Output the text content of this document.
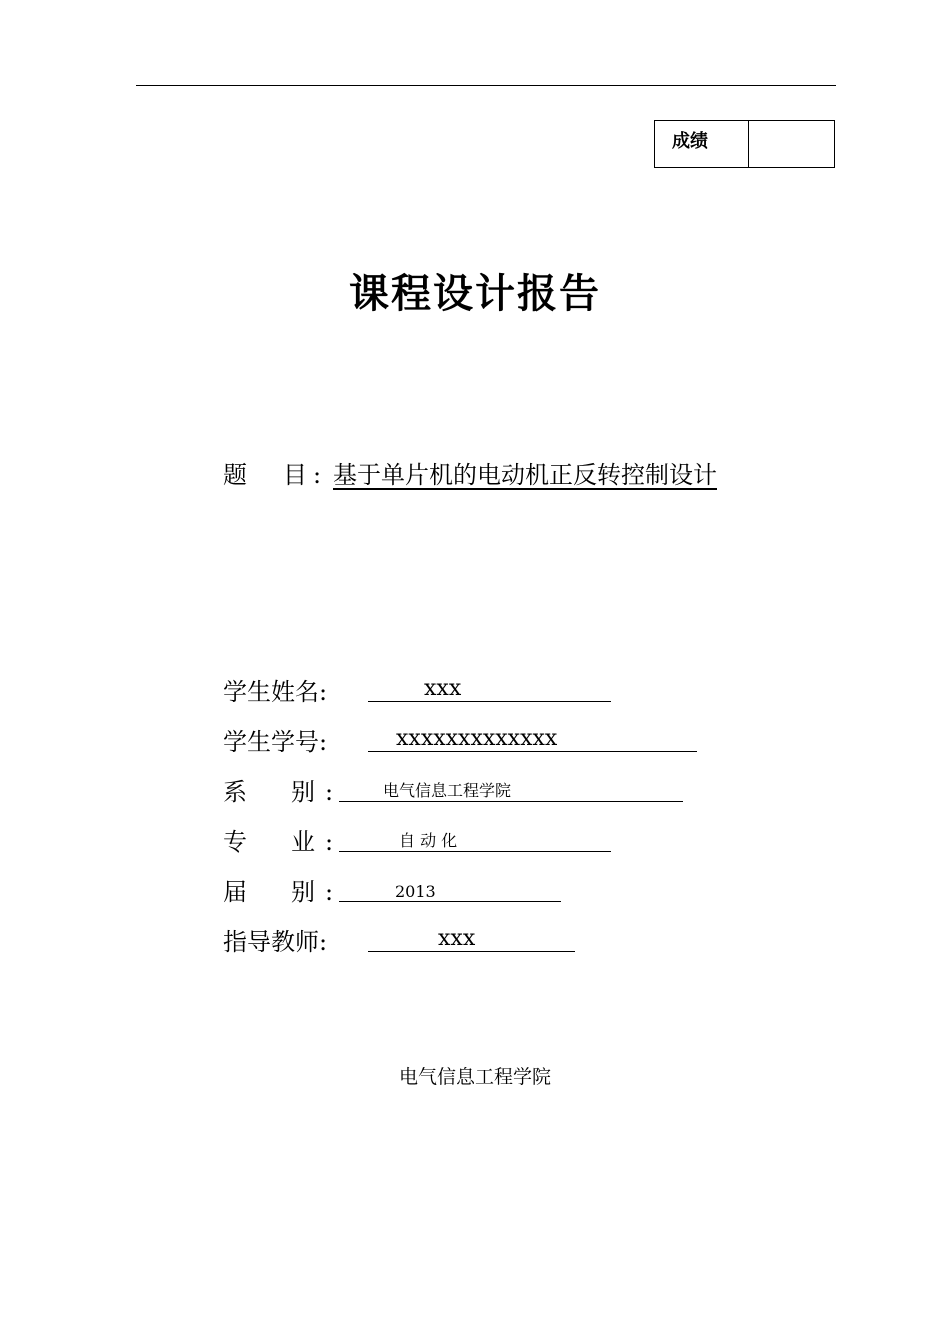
成绩
课程设计报告
题　目: 基于单片机的电动机正反转控制设计
学生姓名:	xxx
学生学号:	xxxxxxxxxxxxx
系　别:	电气信息工程学院
专　业:	自 动 化
届　别:	2013
指导教师:	xxx
电气信息工程学院
